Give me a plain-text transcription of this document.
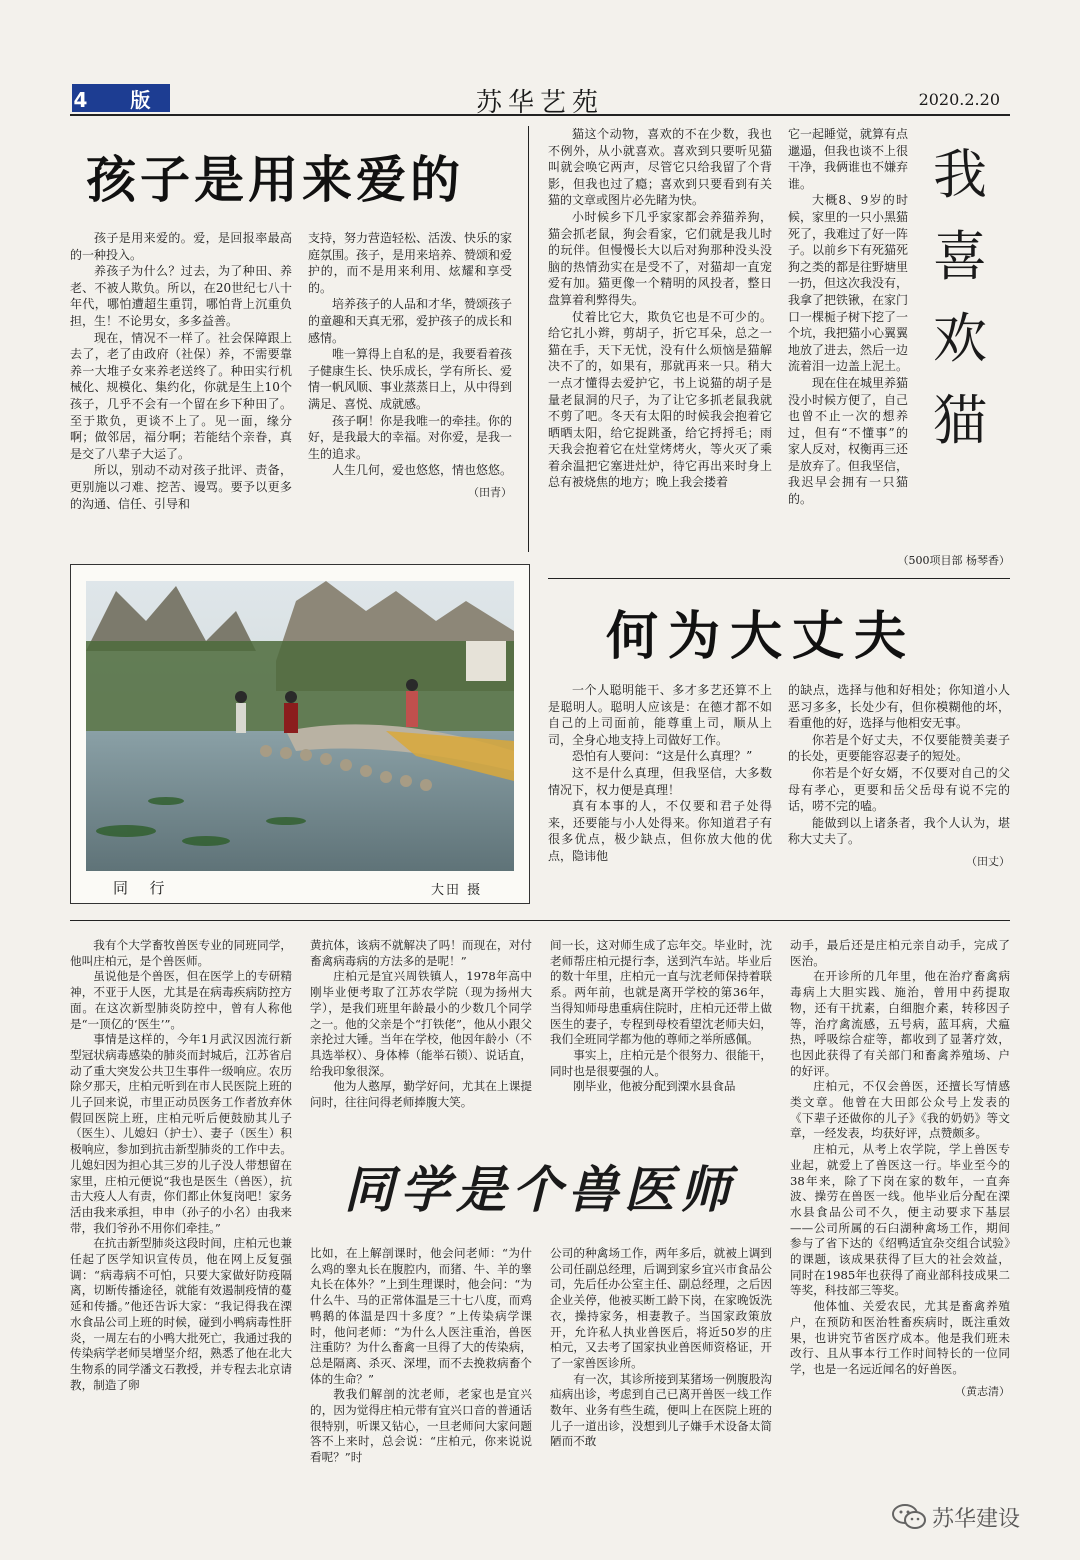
4 版	苏华艺苑	2020.2.20
孩子是用来爱的

孩子是用来爱的。爱，是回报率最高的一种投入。

养孩子为什么？过去，为了种田、养老、不被人欺负。所以，在20世纪七八十年代，哪怕遭超生重罚，哪怕背上沉重负担，生！不论男女，多多益善。

现在，情况不一样了。社会保障跟上去了，老了由政府（社保）养，不需要靠养一大堆子女来养老送终了。种田实行机械化、规模化、集约化，你就是生上10个孩子，几乎不会有一个留在乡下种田了。至于欺负，更谈不上了。见一面，缘分啊；做邻居，福分啊；若能结个亲眷，真是交了八辈子大运了。

所以，别动不动对孩子批评、责备，更别施以刁难、挖苦、谩骂。要予以更多的沟通、信任、引导和

支持，努力营造轻松、活泼、快乐的家庭氛围。孩子，是用来培养、赞颂和爱护的，而不是用来利用、炫耀和享受的。

培养孩子的人品和才华，赞颂孩子的童趣和天真无邪，爱护孩子的成长和感情。

唯一算得上自私的是，我要看着孩子健康生长、快乐成长，学有所长、爱情一帆风顺、事业蒸蒸日上，从中得到满足、喜悦、成就感。

孩子啊！你是我唯一的牵挂。你的好，是我最大的幸福。对你爱，是我一生的追求。

人生几何，爱也悠悠，情也悠悠。

（田青）

猫这个动物，喜欢的不在少数，我也不例外，从小就喜欢。喜欢到只要听见猫叫就会唤它两声，尽管它只给我留了个背影，但我也过了瘾；喜欢到只要看到有关猫的文章或图片必先睹为快。

小时候乡下几乎家家都会养猫养狗，猫会抓老鼠，狗会看家，它们就是我儿时的玩伴。但慢慢长大以后对狗那种没头没脑的热情劲实在是受不了，对猫却一直宠爱有加。猫更像一个精明的风投者，整日盘算着利弊得失。

仗着比它大，欺负它也是不可少的。给它扎小辫，剪胡子，折它耳朵，总之一猫在手，天下无忧，没有什么烦恼是猫解决不了的，如果有，那就再来一只。稍大一点才懂得去爱护它，书上说猫的胡子是量老鼠洞的尺子，为了让它多抓老鼠我就不剪了吧。冬天有太阳的时候我会抱着它晒晒太阳，给它捉跳蚤，给它捋捋毛；雨天我会抱着它在灶堂烤烤火，等火灭了乘着余温把它塞进灶炉，待它再出来时身上总有被烧焦的地方；晚上我会搂着

它一起睡觉，就算有点邋遢，但我也谈不上很干净，我俩谁也不嫌弃谁。

大概8、9岁的时候，家里的一只小黑猫死了，我难过了好一阵子。以前乡下有死猫死狗之类的都是往野塘里一扔，但这次我没有，我拿了把铁锹，在家门口一棵栀子树下挖了一个坑，我把猫小心翼翼地放了进去，然后一边流着泪一边盖上泥土。

现在住在城里养猫没小时候方便了，自己也曾不止一次的想养过，但有“不懂事”的家人反对，权衡再三还是放弃了。但我坚信，我迟早会拥有一只猫的。

我
喜
欢
猫
（500项目部 杨琴香）
同  行	大田 摄
何为大丈夫

一个人聪明能干、多才多艺还算不上是聪明人。聪明人应该是：在德才都不如自己的上司面前，能尊重上司，顺从上司，全身心地支持上司做好工作。

恐怕有人要问：“这是什么真理？”

这不是什么真理，但我坚信，大多数情况下，权力便是真理！

真有本事的人，不仅要和君子处得来，还要能与小人处得来。你知道君子有很多优点，极少缺点，但你放大他的优点，隐讳他

的缺点，选择与他和好相处；你知道小人恶习多多，长处少有，但你模糊他的坏，看重他的好，选择与他相安无事。

你若是个好丈夫，不仅要能赞美妻子的长处，更要能容忍妻子的短处。

你若是个好女婿，不仅要对自己的父母有孝心，更要和岳父岳母有说不完的话，唠不完的嗑。

能做到以上诸条者，我个人认为，堪称大丈夫了。

（田丈）

我有个大学畜牧兽医专业的同班同学，他叫庄柏元，是个兽医师。

虽说他是个兽医，但在医学上的专研精神，不亚于人医，尤其是在病毒疾病防控方面。在这次新型肺炎防控中，曾有人称他是“一顶亿的‘医生’”。

事情是这样的，今年1月武汉因流行新型冠状病毒感染的肺炎而封城后，江苏省启动了重大突发公共卫生事件一级响应。农历除夕那天，庄柏元听到在市人民医院上班的儿子回来说，市里正动员医务工作者放弃休假回医院上班，庄柏元听后便鼓励其儿子（医生）、儿媳妇（护士）、妻子（医生）积极响应，参加到抗击新型肺炎的工作中去。儿媳妇因为担心其三岁的儿子没人带想留在家里，庄柏元便说“我也是医生（兽医），抗击大疫人人有责，你们都止休复岗吧！家务活由我来承担，申申（孙子的小名）由我来带，我们爷孙不用你们牵挂。”

在抗击新型肺炎这段时间，庄柏元也兼任起了医学知识宣传员，他在网上反复强调：“病毒病不可怕，只要大家做好防疫隔离，切断传播途径，就能有效遏制疫情的蔓延和传播。”他还告诉大家：“我记得我在溧水食品公司上班的时候，碰到小鸭病毒性肝炎，一周左右的小鸭大批死亡，我通过我的传染病学老师吴增坚介绍，熟悉了他在北大生物系的同学潘文石教授，并专程去北京请教，制造了卵

黄抗体，该病不就解决了吗！而现在，对付畜禽病毒病的方法多的是呢！”

庄柏元是宜兴周铁镇人，1978年高中刚毕业便考取了江苏农学院（现为扬州大学），是我们班里年龄最小的少数几个同学之一。他的父亲是个“打铁佬”，他从小跟父亲抡过大锤。当年在学校，他因年龄小（不具选举权）、身体棒（能举石锁）、说话直，给我印象很深。

他为人憨厚，勤学好问，尤其在上课提问时，往往问得老师捧腹大笑。

间一长，这对师生成了忘年交。毕业时，沈老师帮庄柏元提行李，送到汽车站。毕业后的数十年里，庄柏元一直与沈老师保持着联系。两年前，也就是离开学校的第36年，当得知师母患重病住院时，庄柏元还带上做医生的妻子，专程到母校看望沈老师夫妇，我们全班同学都为他的尊师之举所感佩。

事实上，庄柏元是个很努力、很能干，同时也是很要强的人。

刚毕业，他被分配到溧水县食品

同学是个兽医师

比如，在上解剖课时，他会问老师：“为什么鸡的睾丸长在腹腔内，而猪、牛、羊的睾丸长在体外？”上到生理课时，他会问：“为什么牛、马的正常体温是三十七八度，而鸡鸭鹅的体温是四十多度？”上传染病学课时，他问老师：“为什么人医注重治，兽医注重防？为什么畜禽一旦得了大的传染病，总是隔离、杀灭、深埋，而不去挽救病畜个体的生命？”

教我们解剖的沈老师，老家也是宜兴的，因为觉得庄柏元带有宜兴口音的普通话很特别，听课又钻心，一旦老师问大家问题答不上来时，总会说：“庄柏元，你来说说看呢？”时

公司的种禽场工作，两年多后，就被上调到公司任副总经理，后调到家乡宜兴市食品公司，先后任办公室主任、副总经理，之后因企业关停，他被买断工龄下岗，在家晚饭洗衣，操持家务，相妻教子。当国家政策放开，允许私人执业兽医后，将近50岁的庄柏元，又去考了国家执业兽医师资格证，开了一家兽医诊所。

有一次，其诊所接到某猪场一例腹股沟疝病出诊，考虑到自己已离开兽医一线工作数年、业务有些生疏，便叫上在医院上班的儿子一道出诊，没想到儿子嫌手术设备太简陋而不敢

动手，最后还是庄柏元亲自动手，完成了医治。

在开诊所的几年里，他在治疗畜禽病毒病上大胆实践、施治，曾用中药提取物，还有干扰素，白细胞介素，转移因子等，治疗禽流感，五号病，蓝耳病，犬瘟热，呼吸综合症等，都收到了显著疗效，也因此获得了有关部门和畜禽养殖场、户的好评。

庄柏元，不仅会兽医，还擅长写情感类文章。他曾在大田郎公众号上发表的《下辈子还做你的儿子》《我的奶奶》等文章，一经发表，均获好评，点赞颇多。

庄柏元，从考上农学院，学上兽医专业起，就爱上了兽医这一行。毕业至今的38年来，除了下岗在家的数年，一直奔波、操劳在兽医一线。他毕业后分配在溧水县食品公司不久，便主动要求下基层——公司所属的石臼湖种禽场工作，期间参与了省下达的《绍鸭适宜杂交组合试验》的课题，该成果获得了巨大的社会效益，同时在1985年也获得了商业部科技成果二等奖，科技部三等奖。

他体恤、关爱农民，尤其是畜禽养殖户，在预防和医治牲畜疾病时，既注重效果，也讲究节省医疗成本。他是我们班未改行、且从事本行工作时间特长的一位同学，也是一名远近闻名的好兽医。

（黄志清）
苏华建设
